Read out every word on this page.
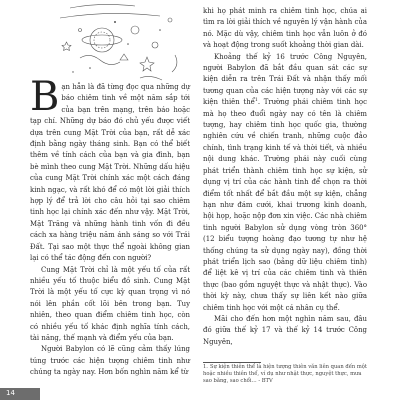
Bạn hẳn là đã từng đọc qua những dự báo chiêm tinh về một năm sắp tới của bạn trên mạng, trên báo hoặc tạp chí. Những dự báo đó chủ yếu được viết dựa trên cung Mặt Trời của bạn, rất dễ xác định bằng ngày tháng sinh. Bạn có thể biết thêm về tính cách của bạn và gia đình, bạn bè mình theo cung Mặt Trời. Những dấu hiệu của cung Mặt Trời chính xác một cách đáng kinh ngạc, và rất khó để có một lời giải thích hợp lý để trả lời cho câu hỏi tại sao chiêm tinh học lại chính xác đến như vậy. Mặt Trời, Mặt Trăng và những hành tinh vốn đi đều cách xa hàng triệu năm ánh sáng so với Trái Đất. Tại sao một thực thể ngoài không gian lại có thể tác động đến con người?

Cung Mặt Trời chỉ là một yếu tố của rất nhiều yếu tố thuộc biểu đồ sinh. Cung Mặt Trời là một yếu tố cực kỳ quan trọng vì nó nói lên phần cốt lõi bên trong bạn. Tuy nhiên, theo quan điểm chiêm tinh học, còn có nhiều yếu tố khác định nghĩa tính cách, tài năng, thế mạnh và điểm yếu của bạn.

Người Babylon có lẽ cũng cảm thấy lúng túng trước các hiện tượng chiêm tinh như chúng ta ngày nay. Hơn bốn nghìn năm kể từ

khi họ phát minh ra chiêm tinh học, chúa ai tìm ra lời giải thích về nguyên lý vận hành của nó. Mặc dù vậy, chiêm tinh học vẫn luôn ở đó và hoạt động trong suốt khoảng thời gian dài.

Khoảng thế kỷ 16 trước Công Nguyên, người Babylon đã bắt đầu quan sát các sự kiện diễn ra trên Trái Đất và nhận thấy mối tương quan của các hiện tượng này với các sự kiện thiên thể$^1$. Trường phái chiêm tinh học mà họ theo đuổi ngày nay có tên là chiêm tượng, hay chiêm tinh học quốc gia, thường nghiên cứu về chiến tranh, những cuộc đảo chính, tình trạng kinh tế và thời tiết, và nhiều nội dung khác. Trường phái này cuối cùng phát triển thành chiêm tinh học sự kiện, sử dụng vị trí của các hành tinh để chọn ra thời điểm tốt nhất để bắt đầu một sự kiện, chẳng hạn như đám cưới, khai trương kinh doanh, hội họp, hoặc nộp đơn xin việc. Các nhà chiêm tinh người Babylon sử dụng vòng tròn 360° (12 biểu tượng hoàng đạo tương tự như hệ thống chúng ta sử dụng ngày nay), đồng thời phát triển lịch sao (bảng dữ liệu chiêm tinh) để liệt kê vị trí của các chiêm tinh và thiên thực (bao gồm nguyệt thực và nhật thực). Vào thời kỳ này, chưa thấy sự liên kết nào giữa chiêm tinh học với một cá nhân cụ thể.

Mãi cho đến hơn một nghìn năm sau, đâu đó giữa thế kỷ 17 và thế kỷ 14 trước Công Nguyên,

1. Sự kiện thiên thể là hiện tượng thiên văn liên quan đến một hoặc nhiều thiên thể, ví dụ như nhật thực, nguyệt thực, mưa sao băng, sao chổi… - BTV
14
